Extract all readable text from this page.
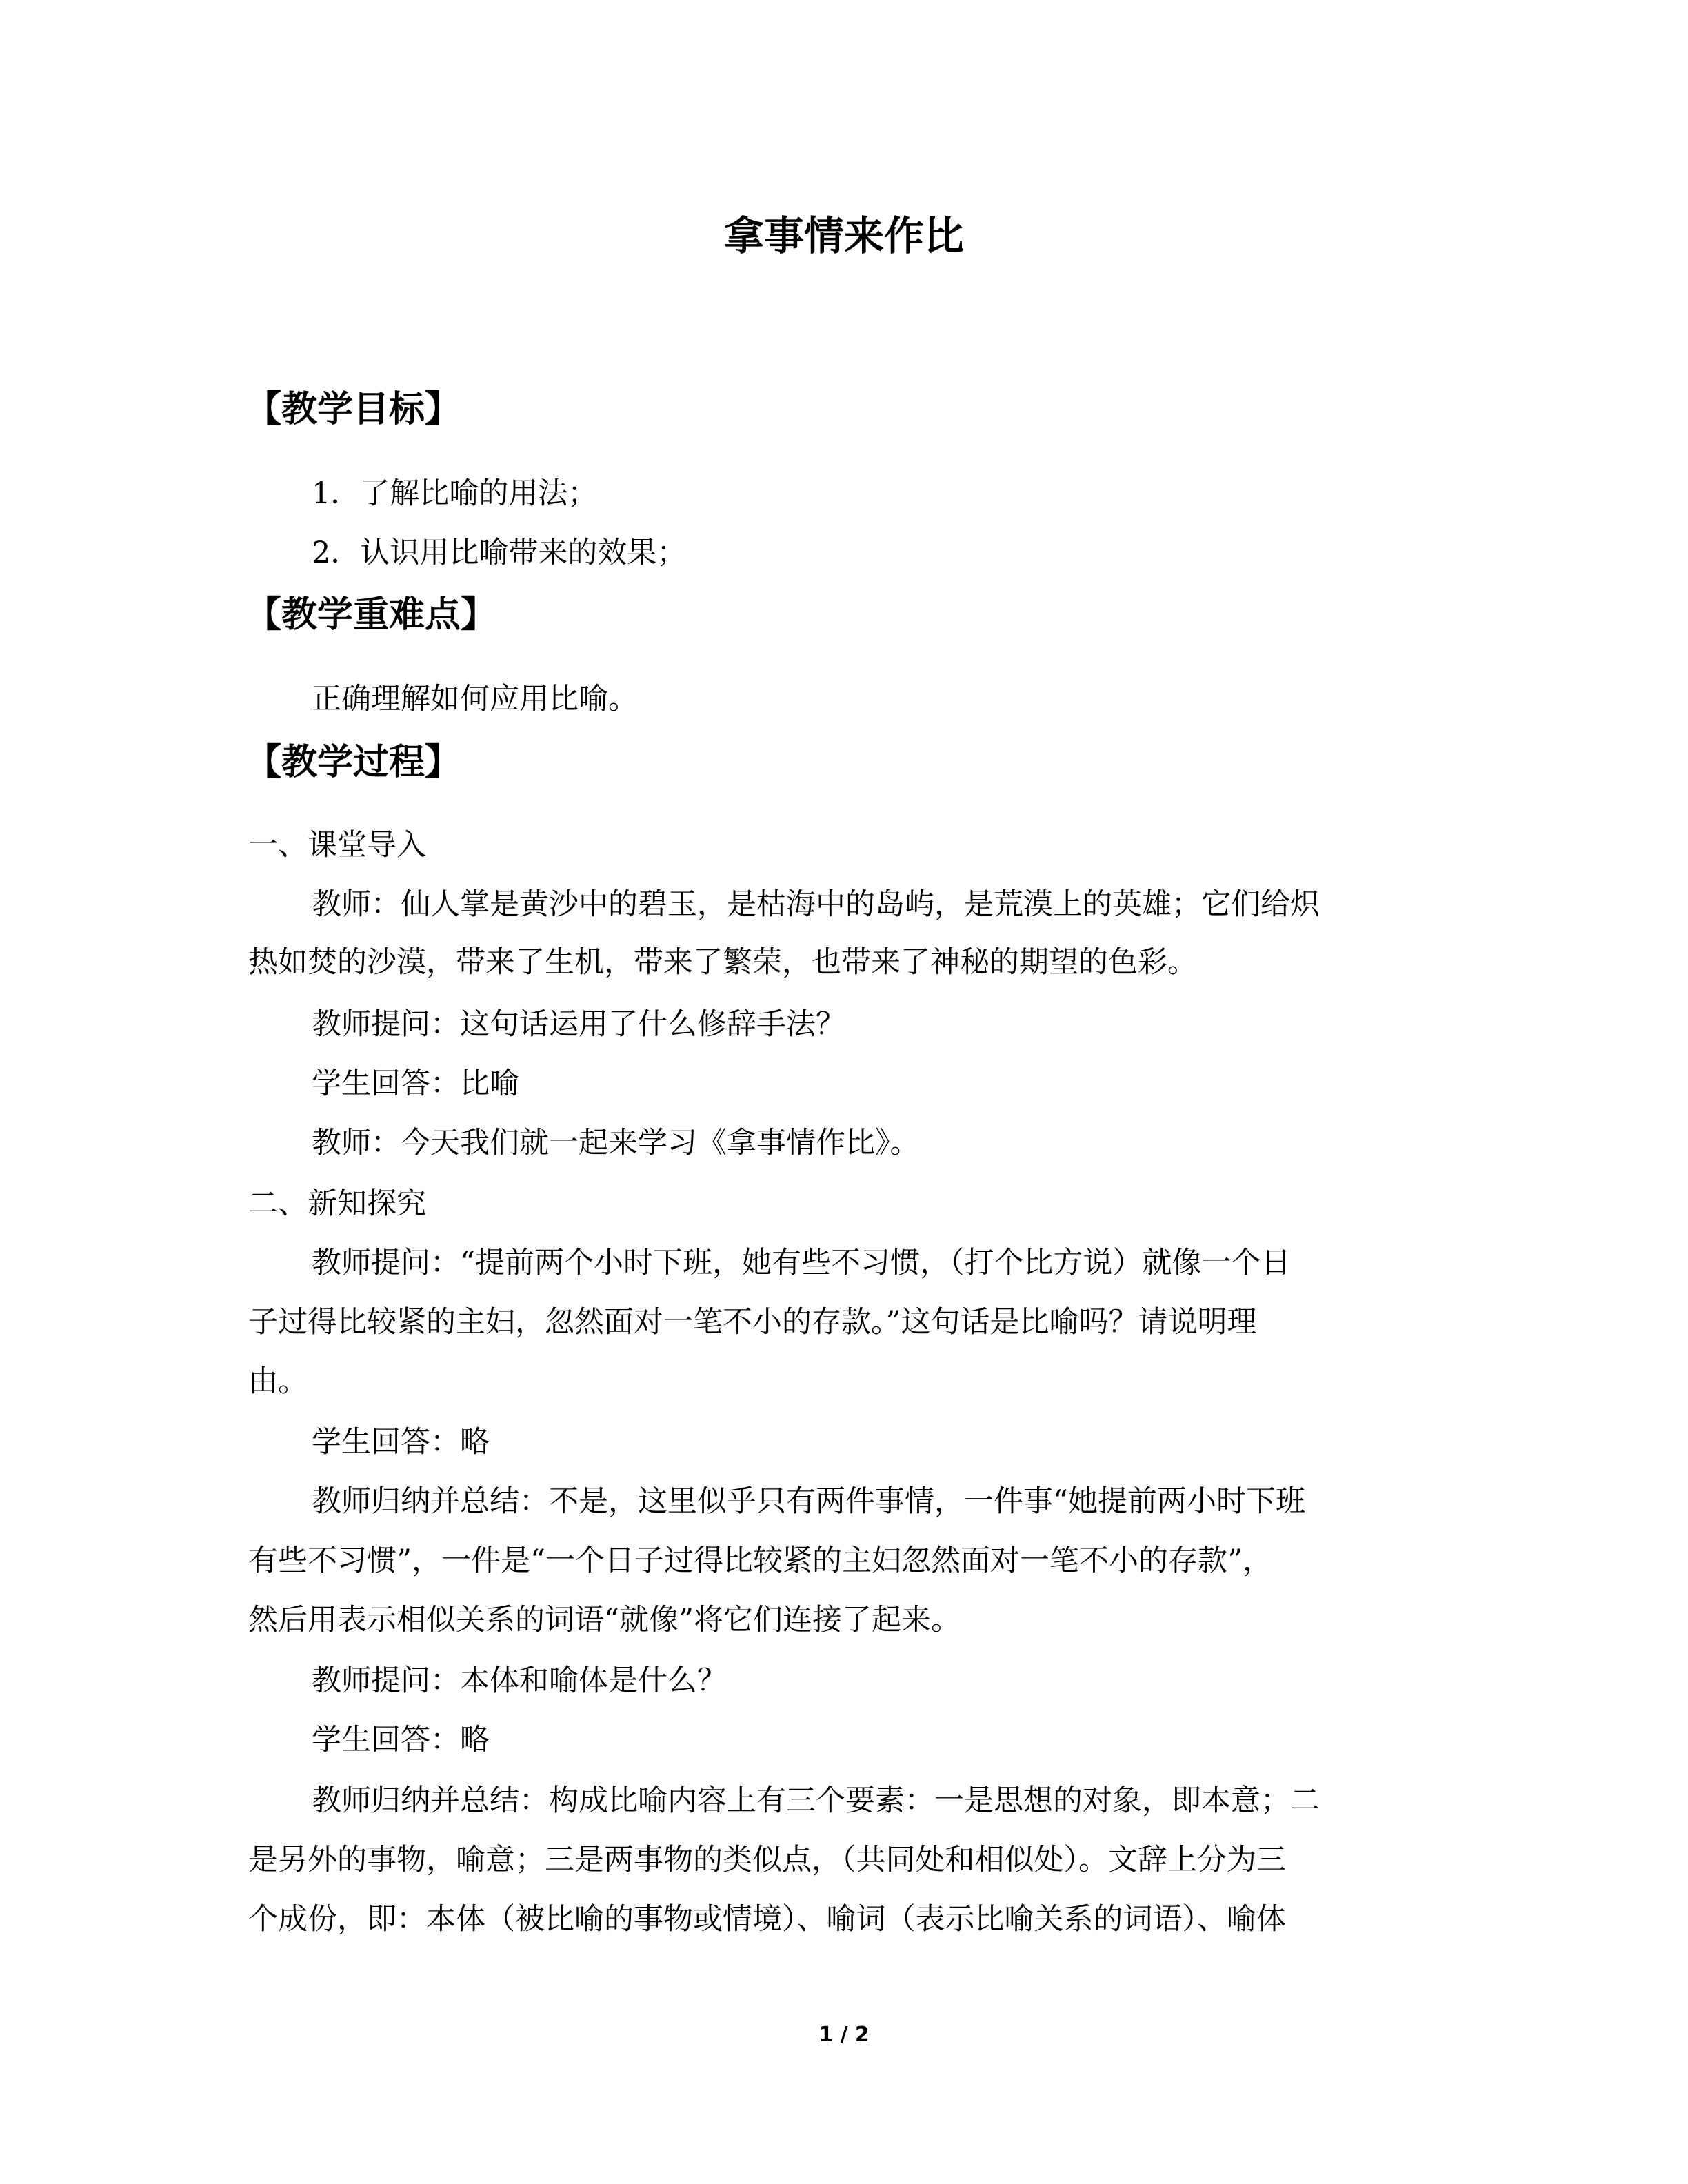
拿事情来作比
【教学目标】

1．了解比喻的用法；

2．认识用比喻带来的效果；

【教学重难点】

正确理解如何应用比喻。

【教学过程】

一、课堂导入

教师：仙人掌是黄沙中的碧玉，是枯海中的岛屿，是荒漠上的英雄；它们给炽

热如焚的沙漠，带来了生机，带来了繁荣，也带来了神秘的期望的色彩。

教师提问：这句话运用了什么修辞手法？

学生回答：比喻

教师：今天我们就一起来学习《拿事情作比》。

二、新知探究

教师提问：“提前两个小时下班，她有些不习惯，（打个比方说）就像一个日

子过得比较紧的主妇，忽然面对一笔不小的存款。”这句话是比喻吗？请说明理

由。

学生回答：略

教师归纳并总结：不是，这里似乎只有两件事情，一件事“她提前两小时下班

有些不习惯”，一件是“一个日子过得比较紧的主妇忽然面对一笔不小的存款”，

然后用表示相似关系的词语“就像”将它们连接了起来。

教师提问：本体和喻体是什么？

学生回答：略

教师归纳并总结：构成比喻内容上有三个要素：一是思想的对象，即本意；二

是另外的事物，喻意；三是两事物的类似点，（共同处和相似处）。文辞上分为三

个成份，即：本体（被比喻的事物或情境）、喻词（表示比喻关系的词语）、喻体

1 / 2
